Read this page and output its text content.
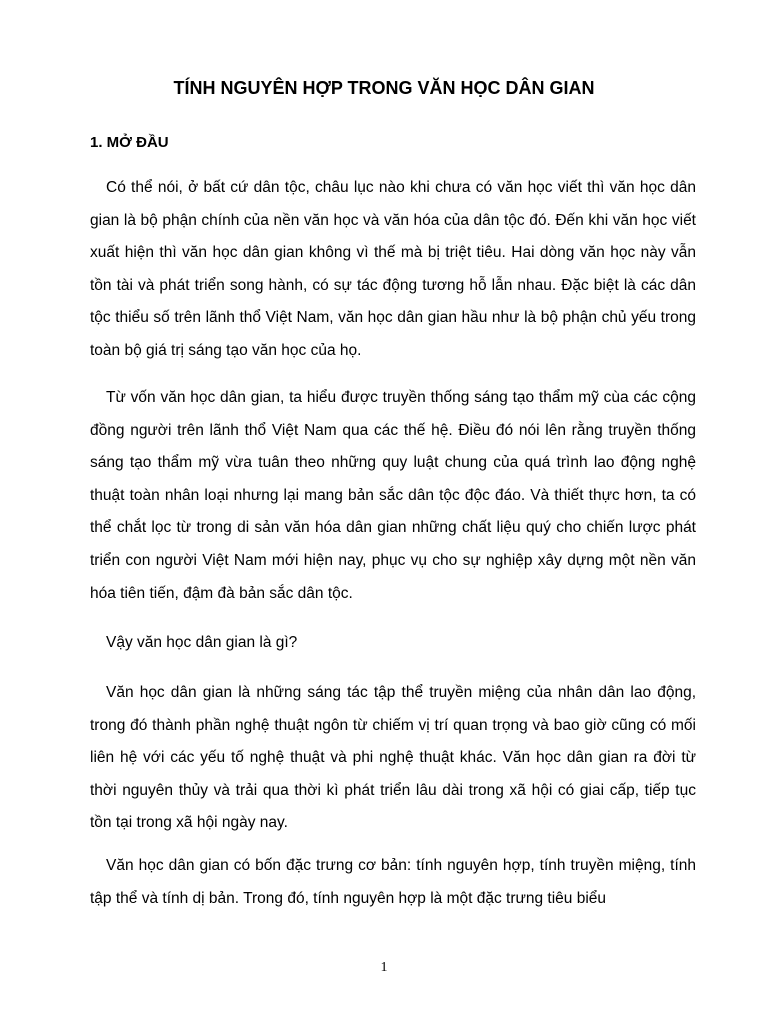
TÍNH NGUYÊN HỢP TRONG VĂN HỌC DÂN GIAN
1. MỞ ĐẦU

Có thể nói, ở bất cứ dân tộc, châu lục nào khi chưa có văn học viết thì văn học dân gian là bộ phận chính của nền văn học và văn hóa của dân tộc đó. Đến khi văn học viết xuất hiện thì văn học dân gian không vì thế mà bị triệt tiêu. Hai dòng văn học này vẫn tồn tài và phát triển song hành, có sự tác động tương hỗ lẫn nhau. Đặc biệt là các dân tộc thiểu số trên lãnh thổ Việt Nam, văn học dân gian hầu như là bộ phận chủ yếu trong toàn bộ giá trị sáng tạo văn học của họ.

Từ vốn văn học dân gian, ta hiểu được truyền thống sáng tạo thẩm mỹ cùa các cộng đồng người trên lãnh thổ Việt Nam qua các thế hệ. Điều đó nói lên rằng truyền thống sáng tạo thẩm mỹ vừa tuân theo những quy luật chung của quá trình lao động nghệ thuật toàn nhân loại nhưng lại mang bản sắc dân tộc độc đáo. Và thiết thực hơn, ta có thể chắt lọc từ trong di sản văn hóa dân gian những chất liệu quý cho chiến lược phát triển con người Việt Nam mới hiện nay, phục vụ cho sự nghiệp xây dựng một nền văn hóa tiên tiến, đậm đà bản sắc dân tộc.

Vậy văn học dân gian là gì?

Văn học dân gian là những sáng tác tập thể truyền miệng của nhân dân lao động, trong đó thành phần nghệ thuật ngôn từ chiếm vị trí quan trọng và bao giờ cũng có mối liên hệ với các yếu tố nghệ thuật và phi nghệ thuật khác. Văn học dân gian ra đời từ thời nguyên thủy và trải qua thời kì phát triển lâu dài trong xã hội có giai cấp, tiếp tục tồn tại trong xã hội ngày nay.

Văn học dân gian có bốn đặc trưng cơ bản: tính nguyên hợp, tính truyền miệng, tính tập thể và tính dị bản. Trong đó, tính nguyên hợp là một đặc trưng tiêu biểu

1
